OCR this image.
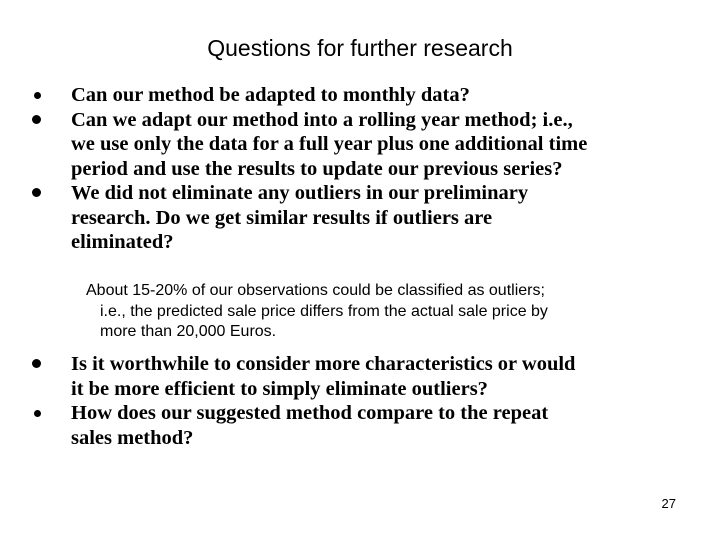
Questions for further research
Can our method be adapted to monthly data?
Can we adapt our method into a rolling year method; i.e.,
we use only the data for a full year plus one additional time
period and use the results to update our previous series?
We did not eliminate any outliers in our preliminary
research. Do we get similar results if outliers are
eliminated?

About 15-20% of our observations could be classified as outliers;
i.e., the predicted sale price differs from the actual sale price by
more than 20,000 Euros.

Is it worthwhile to consider more characteristics or would
it be more efficient to simply eliminate outliers?
How does our suggested method compare to the repeat
sales method?
27
